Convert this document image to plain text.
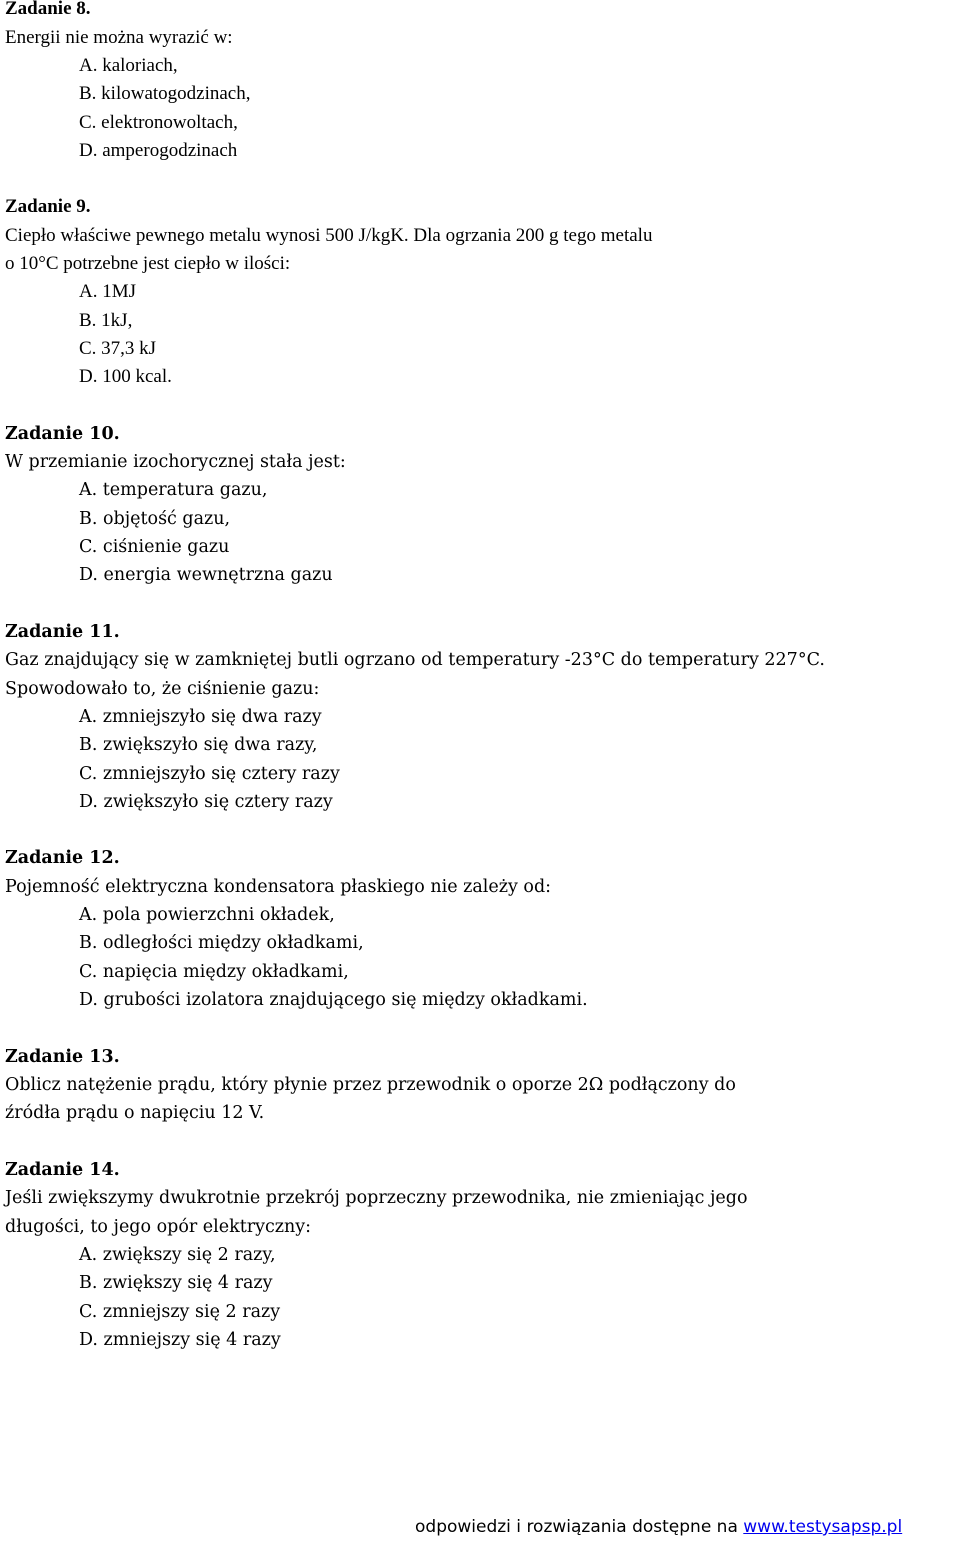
Zadanie 8.
Energii nie można wyrazić w:
A. kaloriach,
B. kilowatogodzinach,
C. elektronowoltach,
D. amperogodzinach
Zadanie 9.
Ciepło właściwe pewnego metalu wynosi 500 J/kgK. Dla ogrzania 200 g tego metalu
o 10°C potrzebne jest ciepło w ilości:
A. 1MJ
B. 1kJ,
C. 37,3 kJ
D. 100 kcal.
Zadanie 10.
W przemianie izochorycznej stała jest:
A. temperatura gazu,
B. objętość gazu,
C. ciśnienie gazu
D. energia wewnętrzna gazu
Zadanie 11.
Gaz znajdujący się w zamkniętej butli ogrzano od temperatury -23°C do temperatury 227°C.
Spowodowało to, że ciśnienie gazu:
A. zmniejszyło się dwa razy
B. zwiększyło się dwa razy,
C. zmniejszyło się cztery razy
D. zwiększyło się cztery razy
Zadanie 12.
Pojemność elektryczna kondensatora płaskiego nie zależy od:
A. pola powierzchni okładek,
B. odległości między okładkami,
C. napięcia między okładkami,
D. grubości izolatora znajdującego się między okładkami.
Zadanie 13.
Oblicz natężenie prądu, który płynie przez przewodnik o oporze 2Ω podłączony do
źródła prądu o napięciu 12 V.
Zadanie 14.
Jeśli zwiększymy dwukrotnie przekrój poprzeczny przewodnika, nie zmieniając jego
długości, to jego opór elektryczny:
A. zwiększy się 2 razy,
B. zwiększy się 4 razy
C. zmniejszy się 2 razy
D. zmniejszy się 4 razy
odpowiedzi i rozwiązania dostępne na www.testysapsp.pl
